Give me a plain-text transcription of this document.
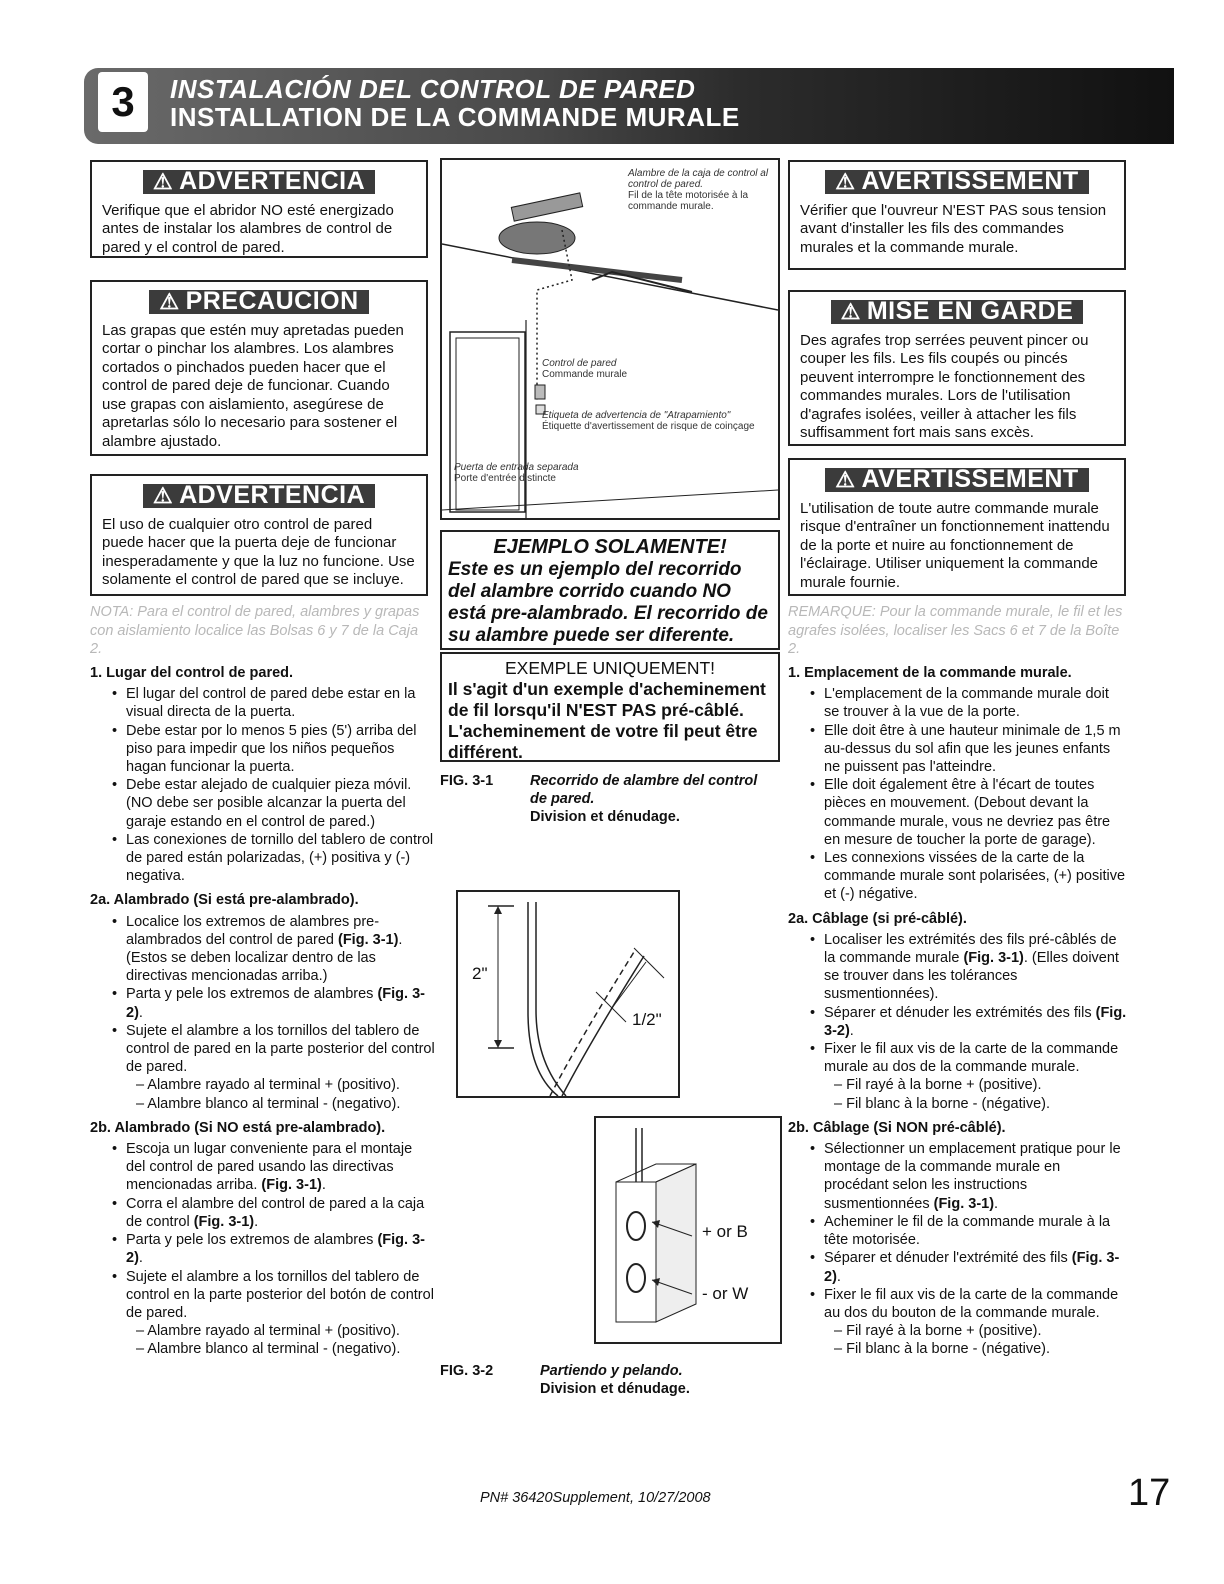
3	INSTALACIÓN DEL CONTROL DE PARED
INSTALLATION DE LA COMMANDE MURALE
⚠ ADVERTENCIA
Verifique que el abridor NO esté energizado antes de instalar los alambres de control de pared y el control de pared.
⚠ PRECAUCIÓN
Las grapas que estén muy apretadas pueden cortar o pinchar los alambres. Los alambres cortados o pinchados pueden hacer que el control de pared deje de funcionar. Cuando use grapas con aislamiento, asegúrese de apretarlas sólo lo necesario para sostener el alambre ajustado.
⚠ ADVERTENCIA
El uso de cualquier otro control de pared puede hacer que la puerta deje de funcionar inesperadamente y que la luz no funcione. Use solamente el control de pared que se incluye.
NOTA: Para el control de pared, alambres y grapas con aislamiento localice las Bolsas 6 y 7 de la Caja 2.
1. Lugar del control de pared.
• El lugar del control de pared debe estar en la visual directa de la puerta.
• Debe estar por lo menos 5 pies (5') arriba del piso para impedir que los niños pequeños hagan funcionar la puerta.
• Debe estar alejado de cualquier pieza móvil. (NO debe ser posible alcanzar la puerta del garaje estando en el control de pared.)
• Las conexiones de tornillo del tablero de control de pared están polarizadas, (+) positiva y (-) negativa.
2a. Alambrado (Si está pre-alambrado).
• Localice los extremos de alambres pre-alambrados del control de pared (Fig. 3-1). (Estos se deben localizar dentro de las directivas mencionadas arriba.)
• Parta y pele los extremos de alambres (Fig. 3-2).
• Sujete el alambre a los tornillos del tablero de control de pared en la parte posterior del control de pared.
– Alambre rayado al terminal + (positivo).
– Alambre blanco al terminal - (negativo).
2b. Alambrado (Si NO está pre-alambrado).
• Escoja un lugar conveniente para el montaje del control de pared usando las directivas mencionadas arriba. (Fig. 3-1).
• Corra el alambre del control de pared a la caja de control (Fig. 3-1).
• Parta y pele los extremos de alambres (Fig. 3-2).
• Sujete el alambre a los tornillos del tablero de control en la parte posterior del botón de control de pared.
– Alambre rayado al terminal + (positivo).
– Alambre blanco al terminal - (negativo).
Alambre de la caja de control al control de pared.
Fil de la tête motorisée à la commande murale.
Control de pared
Commande murale
Etiqueta de advertencia de "Atrapamiento"
Étiquette d'avertissement de risque de coinçage
Puerta de entrada separada
Porte d'entrée distincte
EJEMPLO SOLAMENTE!
Este es un ejemplo del recorrido del alambre corrido cuando NO está pre-alambrado. El recorrido de su alambre puede ser diferente.
EXEMPLE UNIQUEMENT!
Il s'agit d'un exemple d'acheminement de fil lorsqu'il N'EST PAS pré-câblé. L'acheminement de votre fil peut être différent.
FIG. 3-1	Recorrido de alambre del control de pared.
Division et dénudage.
2"
1/2"
+ or B
- or W
FIG. 3-2	Partiendo y pelando.
Division et dénudage.
⚠ AVERTISSEMENT
Vérifier que l'ouvreur N'EST PAS sous tension avant d'installer les fils des commandes murales et la commande murale.
⚠ MISE EN GARDE
Des agrafes trop serrées peuvent pincer ou couper les fils. Les fils coupés ou pincés peuvent interrompre le fonctionnement des commandes murales. Lors de l'utilisation d'agrafes isolées, veiller à attacher les fils suffisamment fort mais sans excès.
⚠ AVERTISSEMENT
L'utilisation de toute autre commande murale risque d'entraîner un fonctionnement inattendu de la porte et nuire au fonctionnement de l'éclairage. Utiliser uniquement la commande murale fournie.
REMARQUE: Pour la commande murale, le fil et les agrafes isolées, localiser les Sacs 6 et 7 de la Boîte 2.
1. Emplacement de la commande murale.
• L'emplacement de la commande murale doit se trouver à la vue de la porte.
• Elle doit être à une hauteur minimale de 1,5 m au-dessus du sol afin que les jeunes enfants ne puissent pas l'atteindre.
• Elle doit également être à l'écart de toutes pièces en mouvement. (Debout devant la commande murale, vous ne devriez pas être en mesure de toucher la porte de garage).
• Les connexions vissées de la carte de la commande murale sont polarisées, (+) positive et (-) négative.
2a. Câblage (si pré-câblé).
• Localiser les extrémités des fils pré-câblés de la commande murale (Fig. 3-1). (Elles doivent se trouver dans les tolérances susmentionnées).
• Séparer et dénuder les extrémités des fils (Fig. 3-2).
• Fixer le fil aux vis de la carte de la commande murale au dos de la commande murale.
– Fil rayé à la borne + (positive).
– Fil blanc à la borne - (négative).
2b. Câblage (Si NON pré-câblé).
• Sélectionner un emplacement pratique pour le montage de la commande murale en procédant selon les instructions susmentionnées (Fig. 3-1).
• Acheminer le fil de la commande murale à la tête motorisée.
• Séparer et dénuder l'extrémité des fils (Fig. 3-2).
• Fixer le fil aux vis de la carte de la commande au dos du bouton de la commande murale.
– Fil rayé à la borne + (positive).
– Fil blanc à la borne - (négative).
PN# 36420Supplement, 10/27/2008	17
